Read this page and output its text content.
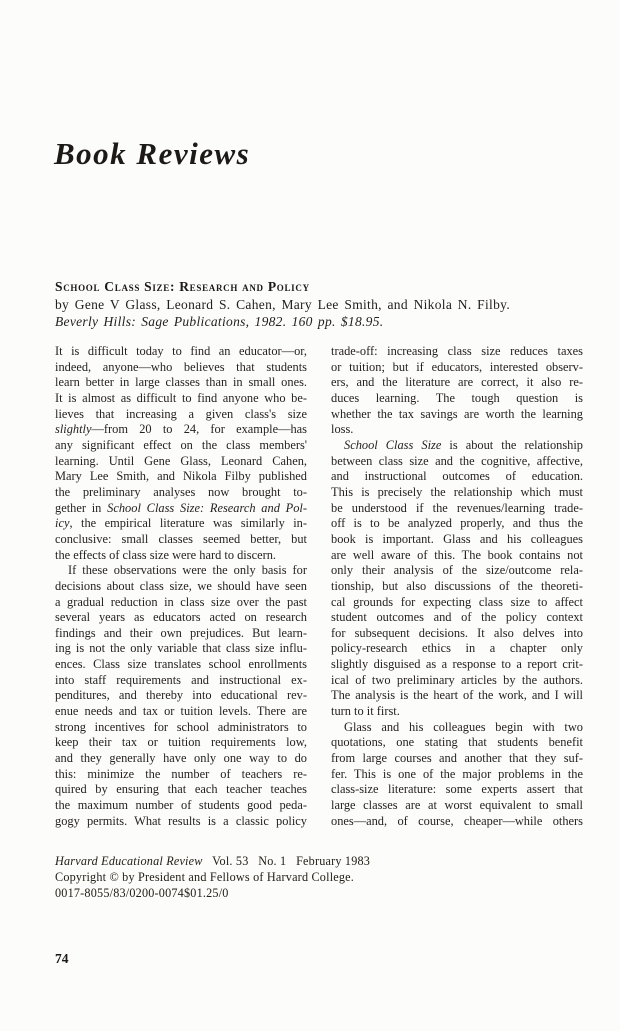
Book Reviews
School Class Size: Research and Policy
by Gene V Glass, Leonard S. Cahen, Mary Lee Smith, and Nikola N. Filby.
Beverly Hills: Sage Publications, 1982. 160 pp. $18.95.
It is difficult today to find an educator—or,
indeed, anyone—who believes that students
learn better in large classes than in small ones.
It is almost as difficult to find anyone who be-
lieves that increasing a given class's size
slightly—from 20 to 24, for example—has
any significant effect on the class members'
learning. Until Gene Glass, Leonard Cahen,
Mary Lee Smith, and Nikola Filby published
the preliminary analyses now brought to-
gether in School Class Size: Research and Pol-
icy, the empirical literature was similarly in-
conclusive: small classes seemed better, but
the effects of class size were hard to discern.
If these observations were the only basis for
decisions about class size, we should have seen
a gradual reduction in class size over the past
several years as educators acted on research
findings and their own prejudices. But learn-
ing is not the only variable that class size influ-
ences. Class size translates school enrollments
into staff requirements and instructional ex-
penditures, and thereby into educational rev-
enue needs and tax or tuition levels. There are
strong incentives for school administrators to
keep their tax or tuition requirements low,
and they generally have only one way to do
this: minimize the number of teachers re-
quired by ensuring that each teacher teaches
the maximum number of students good peda-
gogy permits. What results is a classic policy
trade-off: increasing class size reduces taxes
or tuition; but if educators, interested observ-
ers, and the literature are correct, it also re-
duces learning. The tough question is
whether the tax savings are worth the learning
loss.
School Class Size is about the relationship
between class size and the cognitive, affective,
and instructional outcomes of education.
This is precisely the relationship which must
be understood if the revenues/learning trade-
off is to be analyzed properly, and thus the
book is important. Glass and his colleagues
are well aware of this. The book contains not
only their analysis of the size/outcome rela-
tionship, but also discussions of the theoreti-
cal grounds for expecting class size to affect
student outcomes and of the policy context
for subsequent decisions. It also delves into
policy-research ethics in a chapter only
slightly disguised as a response to a report crit-
ical of two preliminary articles by the authors.
The analysis is the heart of the work, and I will
turn to it first.
Glass and his colleagues begin with two
quotations, one stating that students benefit
from large courses and another that they suf-
fer. This is one of the major problems in the
class-size literature: some experts assert that
large classes are at worst equivalent to small
ones—and, of course, cheaper—while others
Harvard Educational Review   Vol. 53   No. 1   February 1983
Copyright © by President and Fellows of Harvard College.
0017-8055/83/0200-0074$01.25/0
74
